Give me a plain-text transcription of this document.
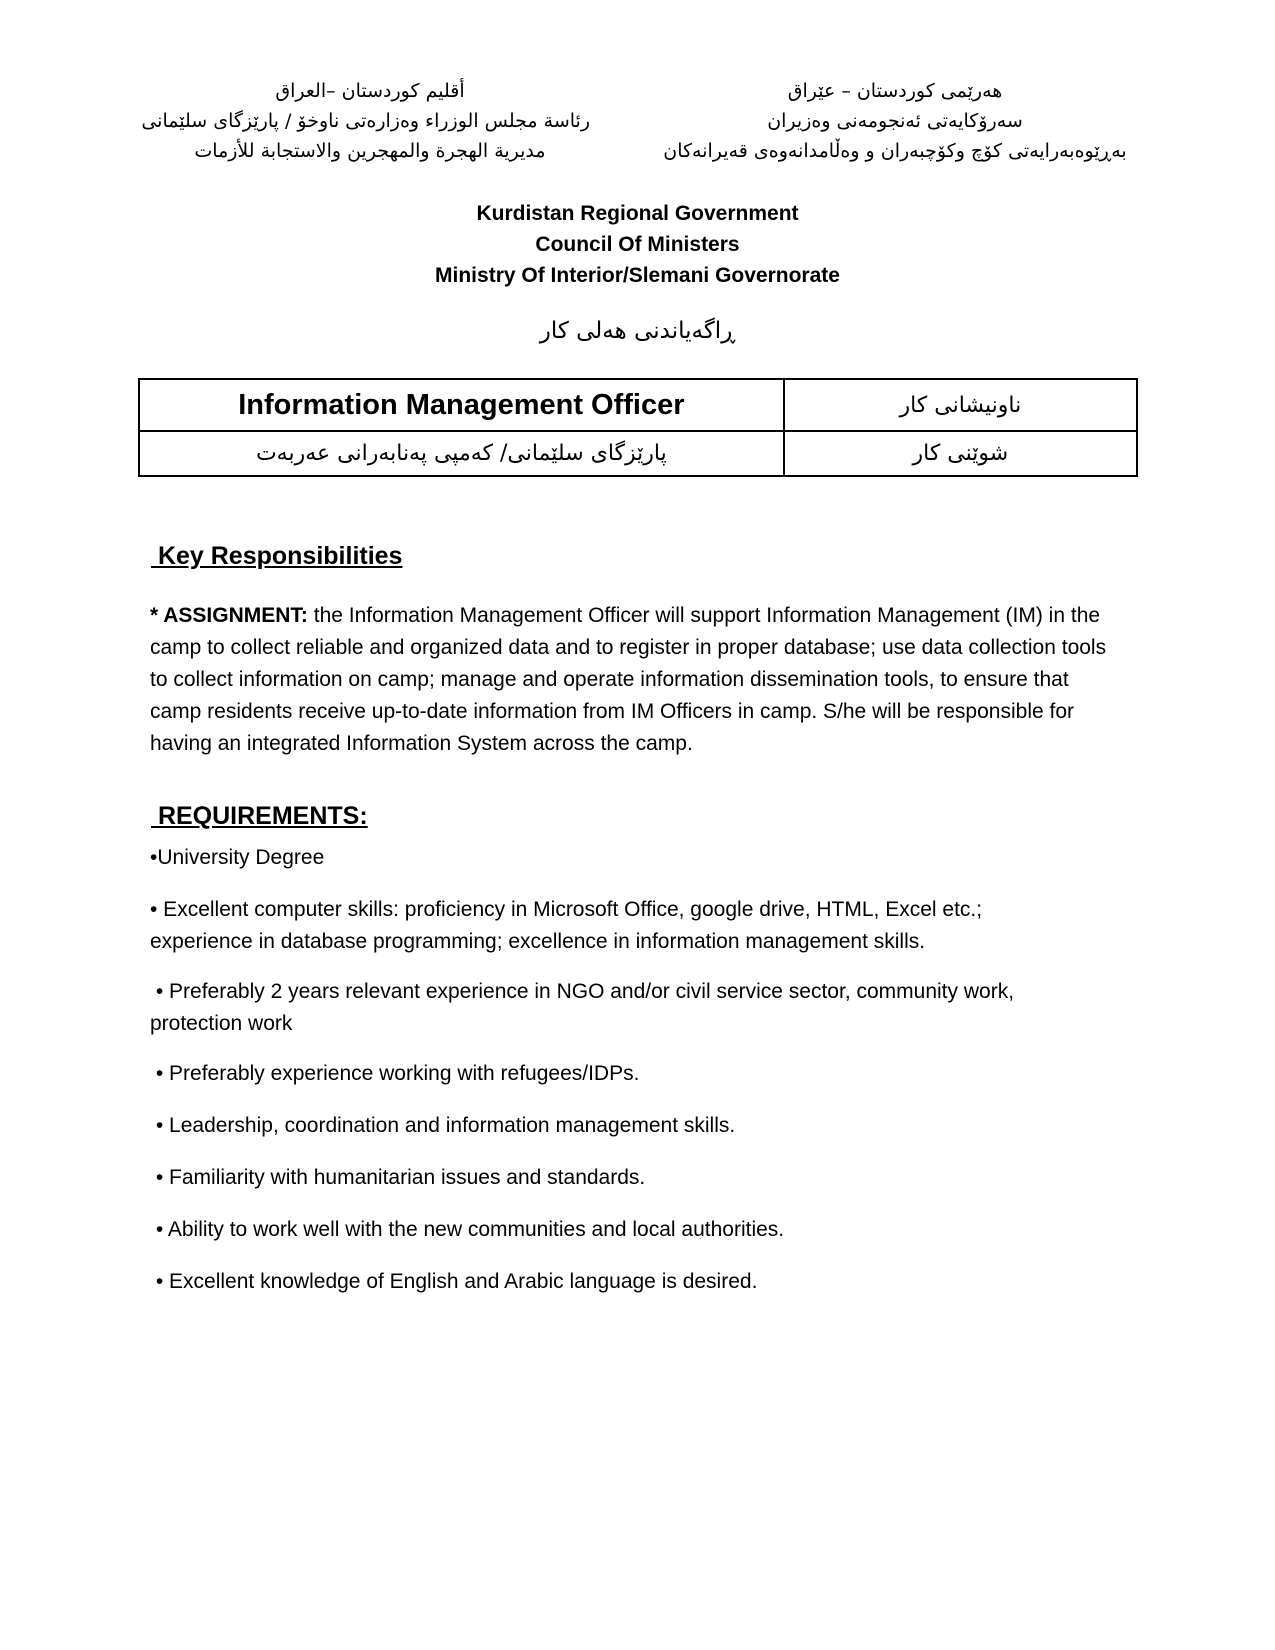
أقليم كوردستان –العراق
رئاسة مجلس الوزراء وەزارەتی ناوخۆ / پارێزگای سلێمانی
مديرية الهجرة والمهجرين والاستجابة للأزمات
هەرێمی کوردستان – عێراق
سەرۆکایەتی ئەنجومەنی وەزیران
بەڕێوەبەرایەتی کۆچ وکۆچبەران و وەڵامدانەوەی قەیرانەکان
Kurdistan Regional Government
Council Of Ministers
Ministry Of Interior/Slemani Governorate
ڕاگەیاندنی هەلی کار
Information Management Officer	ناونیشانی کار
پارێزگای سلێمانی/ کەمپی پەنابەرانی عەربەت	شوێنی کار
Key Responsibilities
* ASSIGNMENT: the Information Management Officer will support Information Management (IM) in the
camp to collect reliable and organized data and to register in proper database; use data collection tools
to collect information on camp; manage and operate information dissemination tools, to ensure that
camp residents receive up-to-date information from IM Officers in camp. S/he will be responsible for
having an integrated Information System across the camp.
REQUIREMENTS:
•University Degree
• Excellent computer skills: proficiency in Microsoft Office, google drive, HTML, Excel etc.;
experience in database programming; excellence in information management skills.
• Preferably 2 years relevant experience in NGO and/or civil service sector, community work,
protection work
• Preferably experience working with refugees/IDPs.
• Leadership, coordination and information management skills.
• Familiarity with humanitarian issues and standards.
• Ability to work well with the new communities and local authorities.
• Excellent knowledge of English and Arabic language is desired.
